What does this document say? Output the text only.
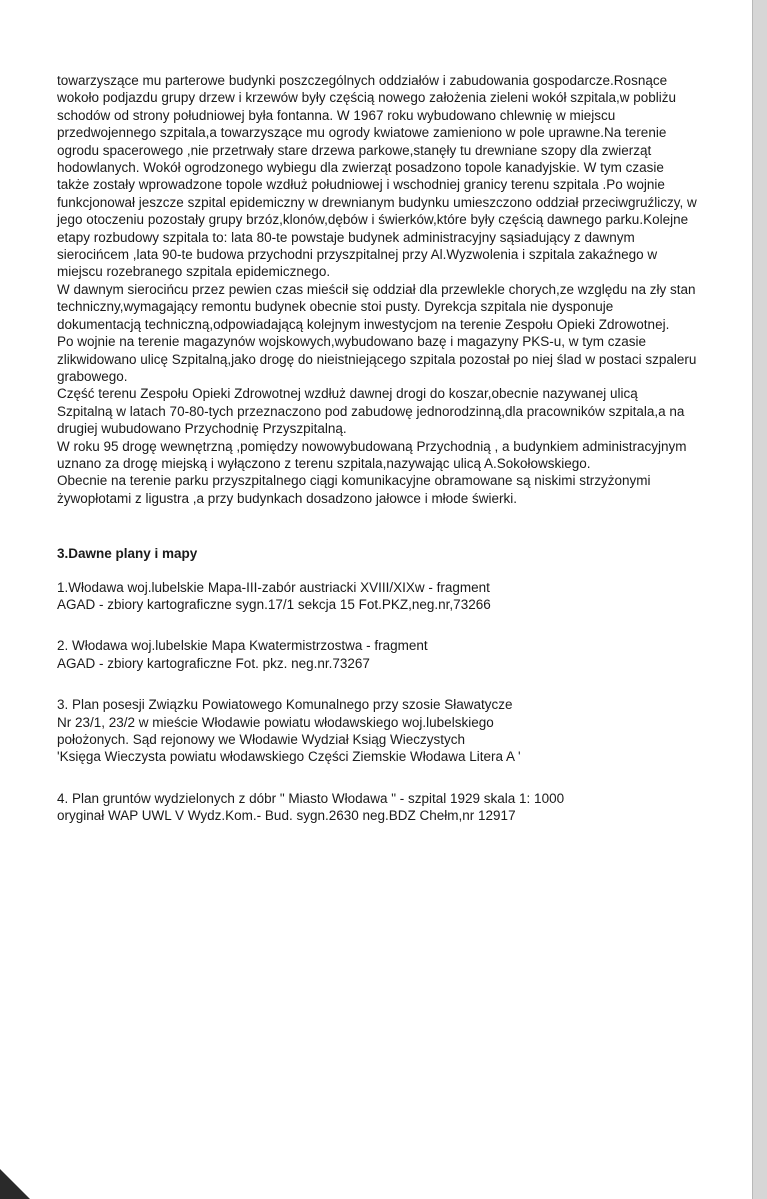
towarzyszące mu parterowe budynki poszczególnych oddziałów i zabudowania gospodarcze.Rosnące wokoło podjazdu grupy drzew i krzewów były częścią nowego założenia zieleni wokół szpitala,w pobliżu schodów od strony południowej była fontanna. W 1967 roku wybudowano chlewnię w miejscu przedwojennego szpitala,a towarzyszące mu ogrody kwiatowe zamieniono w pole uprawne.Na terenie ogrodu spacerowego ,nie przetrwały stare drzewa parkowe,stanęły tu drewniane szopy dla zwierząt hodowlanych. Wokół ogrodzonego wybiegu dla zwierząt posadzono topole kanadyjskie. W tym czasie także zostały wprowadzone topole wzdłuż południowej i wschodniej granicy terenu szpitala .Po wojnie funkcjonował jeszcze szpital epidemiczny w drewnianym budynku umieszczono oddział przeciwgruźliczy, w jego otoczeniu pozostały grupy brzóz,klonów,dębów i świerków,które były częścią dawnego parku.Kolejne etapy rozbudowy szpitala to: lata 80-te powstaje budynek administracyjny sąsiadujący z dawnym sierocińcem ,lata 90-te budowa przychodni przyszpitalnej przy Al.Wyzwolenia i szpitala zakaźnego w miejscu rozebranego szpitala epidemicznego.

W dawnym sierocińcu przez pewien czas mieścił się oddział dla przewlekle chorych,ze względu na zły stan techniczny,wymagający remontu budynek obecnie stoi pusty. Dyrekcja szpitala nie dysponuje dokumentacją techniczną,odpowiadającą kolejnym inwestycjom na terenie Zespołu Opieki Zdrowotnej.

Po wojnie na terenie magazynów wojskowych,wybudowano bazę i magazyny PKS-u, w tym czasie zlikwidowano ulicę Szpitalną,jako drogę do nieistniejącego szpitala pozostał po niej ślad w postaci szpaleru grabowego.

Część terenu Zespołu Opieki Zdrowotnej wzdłuż dawnej drogi do koszar,obecnie nazywanej ulicą Szpitalną w latach 70-80-tych przeznaczono pod zabudowę jednorodzinną,dla pracowników szpitala,a na drugiej wubudowano Przychodnię Przyszpitalną.

W roku 95 drogę wewnętrzną ,pomiędzy nowowybudowaną Przychodnią , a budynkiem administracyjnym uznano za drogę miejską i wyłączono z terenu szpitala,nazywając ulicą A.Sokołowskiego.

Obecnie na terenie parku przyszpitalnego ciągi komunikacyjne obramowane są niskimi strzyżonymi żywopłotami z ligustra ,a przy budynkach dosadzono jałowce i młode świerki.

3.Dawne plany i mapy

1.Włodawa woj.lubelskie Mapa-III-zabór austriacki XVIII/XIXw - fragment
AGAD - zbiory kartograficzne sygn.17/1 sekcja 15 Fot.PKZ,neg.nr,73266
2. Włodawa woj.lubelskie Mapa Kwatermistrzostwa - fragment
AGAD - zbiory kartograficzne Fot. pkz. neg.nr.73267
3. Plan posesji Związku Powiatowego Komunalnego przy szosie Sławatycze
Nr 23/1, 23/2 w mieście Włodawie powiatu włodawskiego woj.lubelskiego
położonych. Sąd rejonowy we Włodawie Wydział Ksiąg Wieczystych
'Księga Wieczysta powiatu włodawskiego Części Ziemskie Włodawa Litera A '
4. Plan gruntów wydzielonych z dóbr " Miasto Włodawa " - szpital 1929 skala 1: 1000
oryginał WAP UWL V Wydz.Kom.- Bud. sygn.2630 neg.BDZ Chełm,nr 12917
